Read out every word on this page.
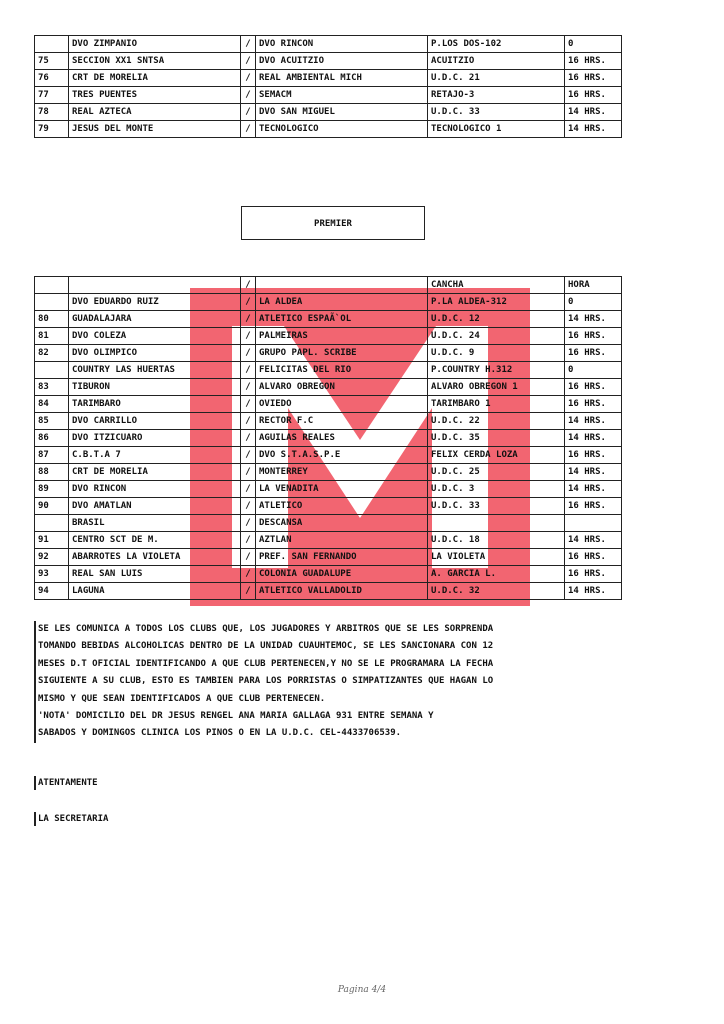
	DVO ZIMPANIO	/	DVO RINCON	P.LOS DOS-102	0
75	SECCION XX1 SNTSA	/	DVO ACUITZIO	ACUITZIO	16 HRS.
76	CRT DE MORELIA	/	REAL AMBIENTAL MICH	U.D.C. 21	16 HRS.
77	TRES PUENTES	/	SEMACM	RETAJO-3	16 HRS.
78	REAL AZTECA	/	DVO SAN MIGUEL	U.D.C. 33	14 HRS.
79	JESUS DEL MONTE	/	TECNOLOGICO	TECNOLOGICO 1	14 HRS.
PREMIER
		/		CANCHA	HORA
	DVO EDUARDO RUIZ	/	LA ALDEA	P.LA ALDEA-312	0
80	GUADALAJARA	/	ATLETICO ESPAÃ`OL	U.D.C. 12	14 HRS.
81	DVO COLEZA	/	PALMEIRAS	U.D.C. 24	16 HRS.
82	DVO OLIMPICO	/	GRUPO PAPL. SCRIBE	U.D.C. 9	16 HRS.
	COUNTRY LAS HUERTAS	/	FELICITAS DEL RIO	P.COUNTRY H.312	0
83	TIBURON	/	ALVARO OBREGON	ALVARO OBREGON 1	16 HRS.
84	TARIMBARO	/	OVIEDO	TARIMBARO 1	16 HRS.
85	DVO CARRILLO	/	RECTOR F.C	U.D.C. 22	14 HRS.
86	DVO ITZICUARO	/	AGUILAS REALES	U.D.C. 35	14 HRS.
87	C.B.T.A 7	/	DVO S.T.A.S.P.E	FELIX CERDA LOZA	16 HRS.
88	CRT DE MORELIA	/	MONTERREY	U.D.C. 25	14 HRS.
89	DVO RINCON	/	LA VENADITA	U.D.C. 3	14 HRS.
90	DVO AMATLAN	/	ATLETICO	U.D.C. 33	16 HRS.
	BRASIL	/	DESCANSA		
91	CENTRO SCT DE M.	/	AZTLAN	U.D.C. 18	14 HRS.
92	ABARROTES LA VIOLETA	/	PREF. SAN FERNANDO	LA VIOLETA	16 HRS.
93	REAL SAN LUIS	/	COLONIA GUADALUPE	A. GARCIA L.	16 HRS.
94	LAGUNA	/	ATLETICO VALLADOLID	U.D.C. 32	14 HRS.
SE LES COMUNICA A TODOS LOS CLUBS QUE, LOS JUGADORES Y ARBITROS QUE SE LES SORPRENDA
TOMANDO BEBIDAS ALCOHOLICAS DENTRO DE LA UNIDAD CUAUHTEMOC, SE LES SANCIONARA CON 12
MESES D.T OFICIAL IDENTIFICANDO A QUE CLUB PERTENECEN,Y NO SE LE PROGRAMARA LA FECHA
SIGUIENTE A SU CLUB, ESTO ES TAMBIEN PARA LOS PORRISTAS O SIMPATIZANTES QUE HAGAN LO
MISMO Y QUE SEAN IDENTIFICADOS A QUE CLUB PERTENECEN.
'NOTA' DOMICILIO DEL DR JESUS RENGEL ANA MARIA GALLAGA 931 ENTRE SEMANA Y
SABADOS Y DOMINGOS CLINICA LOS PINOS O EN LA U.D.C. CEL-4433706539.
ATENTAMENTE
LA SECRETARIA
Pagina 4/4
